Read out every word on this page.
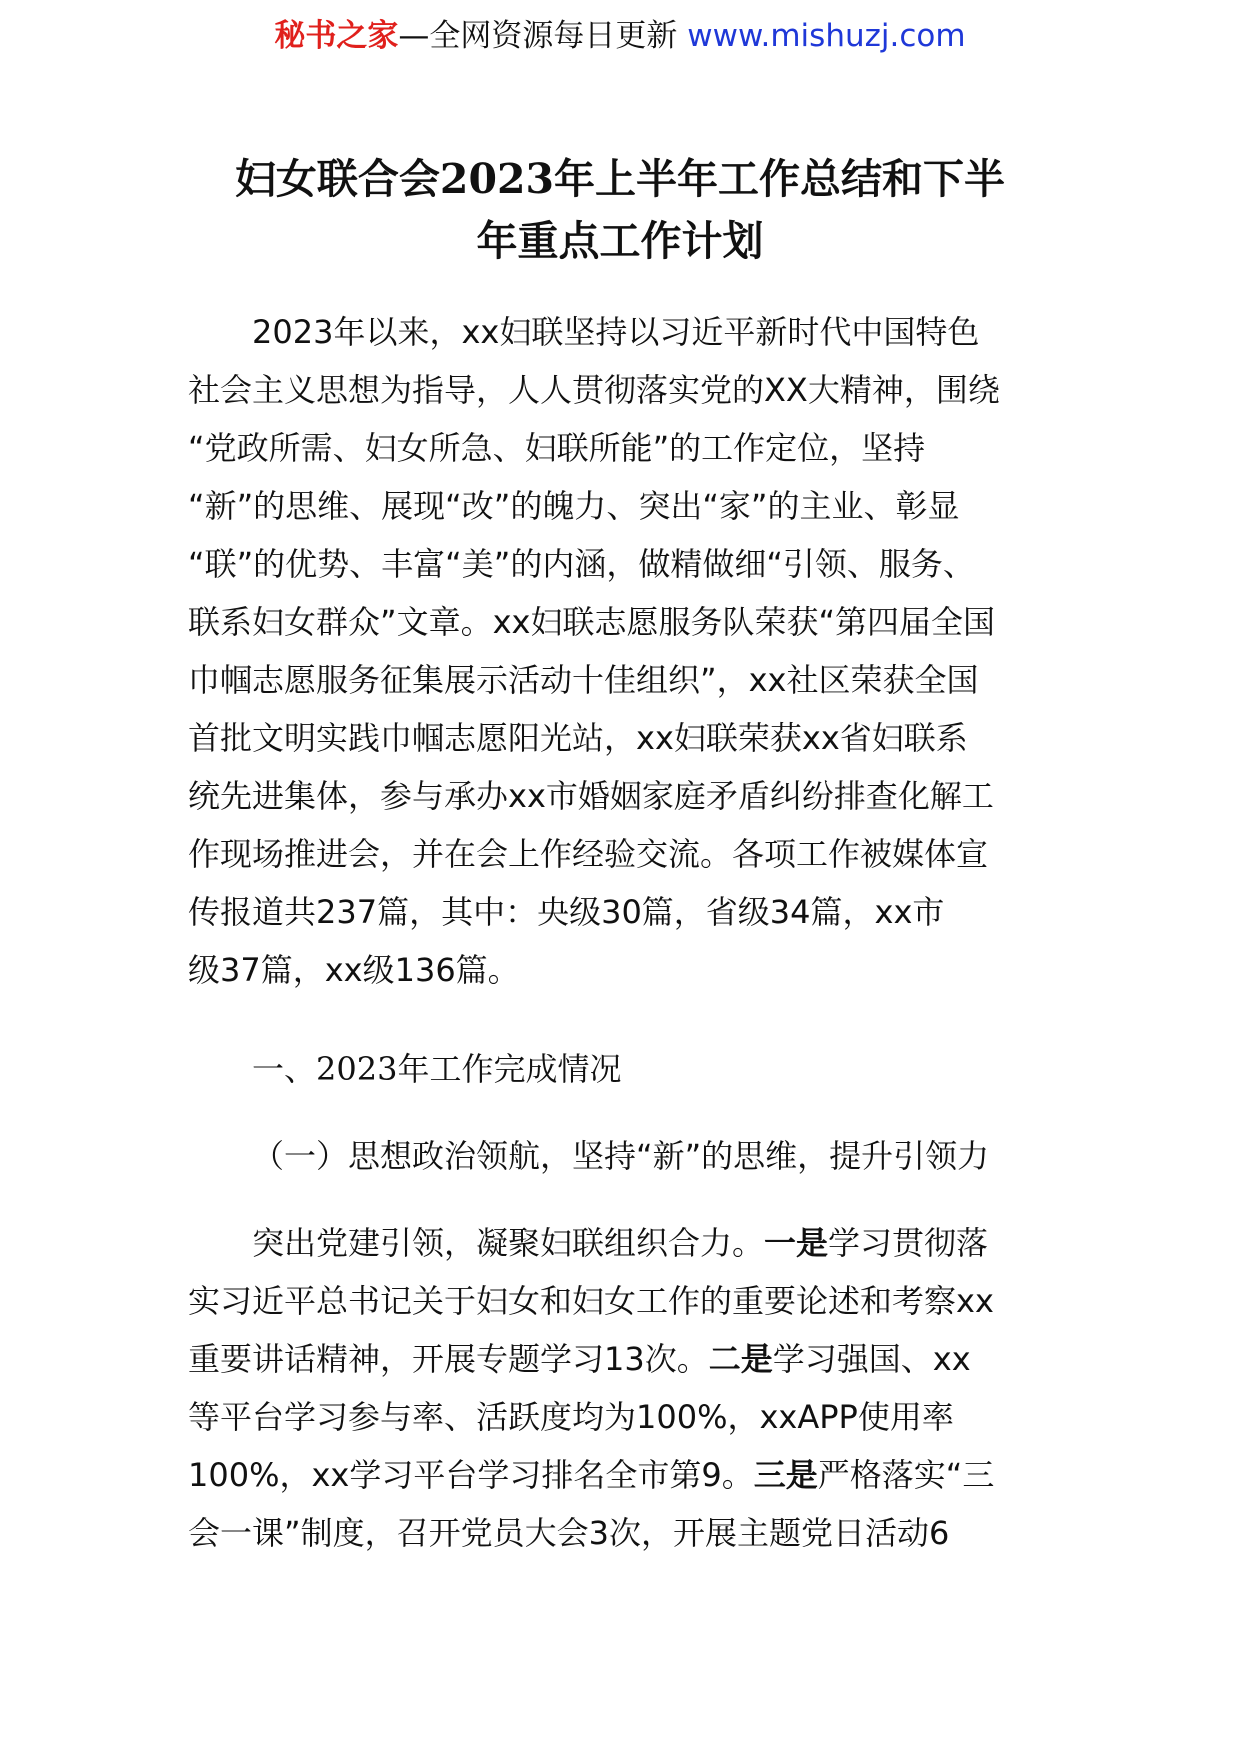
秘书之家—全网资源每日更新 www.mishuzj.com
妇女联合会2023年上半年工作总结和下半
年重点工作计划
2023年以来，xx妇联坚持以习近平新时代中国特色
社会主义思想为指导，人人贯彻落实党的XX大精神，围绕
“党政所需、妇女所急、妇联所能”的工作定位，坚持
“新”的思维、展现“改”的魄力、突出“家”的主业、彰显
“联”的优势、丰富“美”的内涵，做精做细“引领、服务、
联系妇女群众”文章。xx妇联志愿服务队荣获“第四届全国
巾帼志愿服务征集展示活动十佳组织”，xx社区荣获全国
首批文明实践巾帼志愿阳光站，xx妇联荣获xx省妇联系
统先进集体，参与承办xx市婚姻家庭矛盾纠纷排查化解工
作现场推进会，并在会上作经验交流。各项工作被媒体宣
传报道共237篇，其中：央级30篇，省级34篇，xx市
级37篇，xx级136篇。
一、2023年工作完成情况
（一）思想政治领航，坚持“新”的思维，提升引领力
突出党建引领，凝聚妇联组织合力。一是学习贯彻落
实习近平总书记关于妇女和妇女工作的重要论述和考察xx
重要讲话精神，开展专题学习13次。二是学习强国、xx
等平台学习参与率、活跃度均为100%，xxAPP使用率
100%，xx学习平台学习排名全市第9。三是严格落实“三
会一课”制度，召开党员大会3次，开展主题党日活动6
